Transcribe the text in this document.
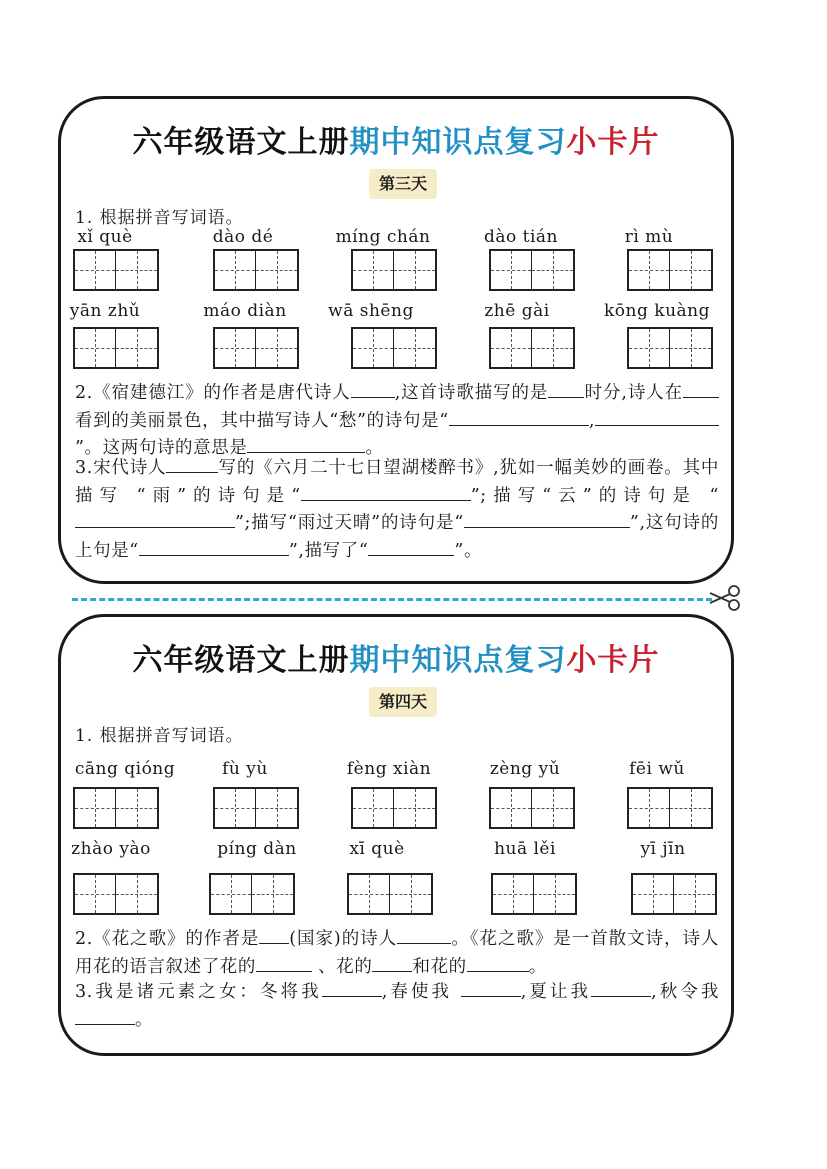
六年级语文上册期中知识点复习小卡片
第三天
1. 根据拼音写词语。
xǐ què	dào dé	míng chán	dào tián	rì mù
yān zhǔ	máo diàn	wā shēng	zhē gài	kōng kuàng
2.《宿建德江》的作者是唐代诗人	,这首诗歌描写的是 时分,诗人在看到的美丽景色，其中描写诗人“愁”的诗句是“	,”。这两句诗的意思是	。
3.宋代诗人	写的《六月二十七日望湖楼醉书》,犹如一幅美妙的画卷。其中描写 “雨”的诗句是“	”;描写“云”的诗句是 “”;描写“雨过天晴”的诗句是“	”,这句诗的上句是“	”,描写了“	”。
六年级语文上册期中知识点复习小卡片
第四天
1. 根据拼音写词语。
cāng qióng	fù yù	fèng xiàn	zèng yǔ	fēi wǔ
zhào yào	píng dàn	xī què	huā lěi	yī jīn
2.《花之歌》的作者是 (国家)的诗人	。《花之歌》是一首散文诗，诗人用花的语言叙述了花的	、花的 和花的	。
3.我是诸元素之女：冬将我	,春使我	,夏让我	,秋令我。
